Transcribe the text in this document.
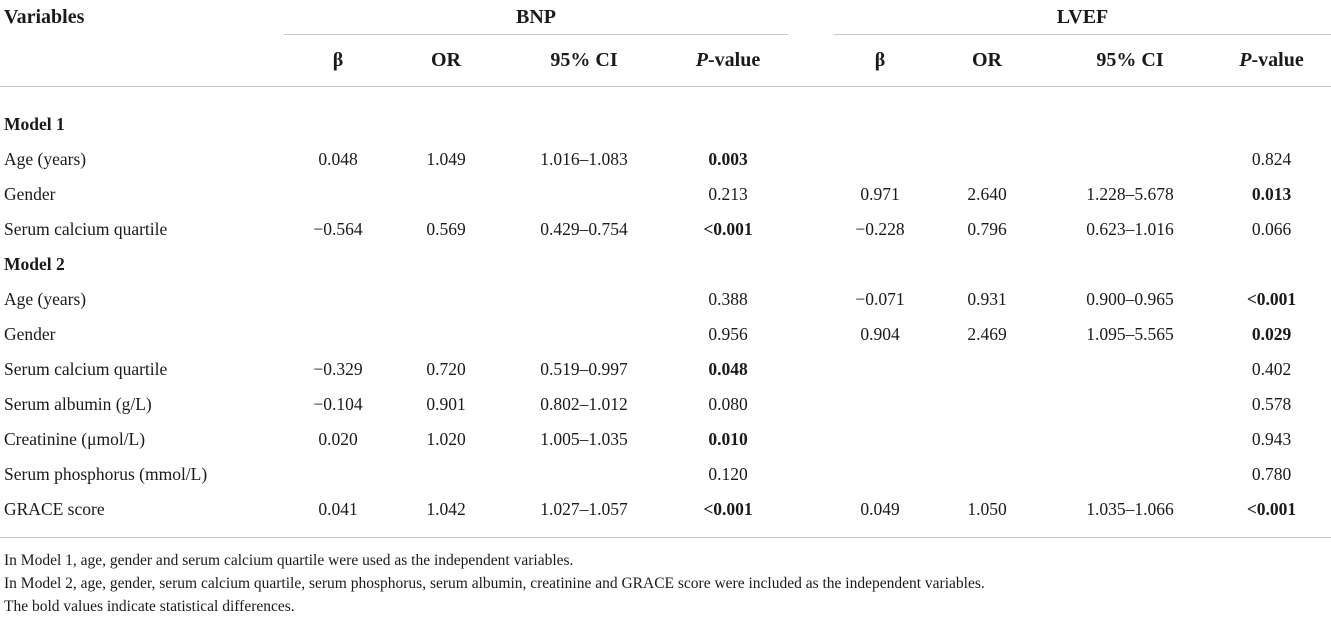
Variables	BNP					LVEF			
	β	OR	95% CI	P-value		β	OR	95% CI	P-value

Model 1									
Age (years)	0.048	1.049	1.016–1.083	0.003					0.824
Gender				0.213		0.971	2.640	1.228–5.678	0.013
Serum calcium quartile	−0.564	0.569	0.429–0.754	<0.001		−0.228	0.796	0.623–1.016	0.066
Model 2									
Age (years)				0.388		−0.071	0.931	0.900–0.965	<0.001
Gender				0.956		0.904	2.469	1.095–5.565	0.029
Serum calcium quartile	−0.329	0.720	0.519–0.997	0.048					0.402
Serum albumin (g/L)	−0.104	0.901	0.802–1.012	0.080					0.578
Creatinine (μmol/L)	0.020	1.020	1.005–1.035	0.010					0.943
Serum phosphorus (mmol/L)				0.120					0.780
GRACE score	0.041	1.042	1.027–1.057	<0.001		0.049	1.050	1.035–1.066	<0.001

In Model 1, age, gender and serum calcium quartile were used as the independent variables.
In Model 2, age, gender, serum calcium quartile, serum phosphorus, serum albumin, creatinine and GRACE score were included as the independent variables.
The bold values indicate statistical differences.
